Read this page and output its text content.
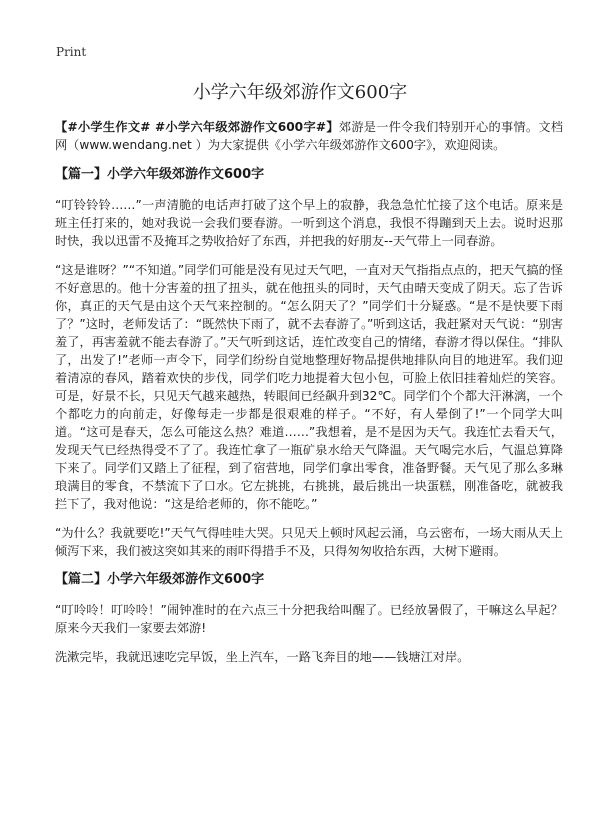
Print
小学六年级郊游作文600字

【#小学生作文# #小学六年级郊游作文600字#】郊游是一件令我们特别开心的事情。文档网（www.wendang.net ）为大家提供《小学六年级郊游作文600字》，欢迎阅读。

【篇一】小学六年级郊游作文600字

“叮铃铃铃……”一声清脆的电话声打破了这个早上的寂静，我急急忙忙接了这个电话。原来是班主任打来的，她对我说一会我们要春游。一听到这个消息，我恨不得蹦到天上去。说时迟那时快，我以迅雷不及掩耳之势收拾好了东西，并把我的好朋友--天气带上一同春游。

“这是谁呀？”“不知道。”同学们可能是没有见过天气吧，一直对天气指指点点的，把天气搞的怪不好意思的。他十分害羞的扭了扭头，就在他扭头的同时，天气由晴天变成了阴天。忘了告诉你，真正的天气是由这个天气来控制的。“怎么阴天了？”同学们十分疑惑。“是不是快要下雨了？”这时，老师发话了：“既然快下雨了，就不去春游了。”听到这话，我赶紧对天气说：“别害羞了，再害羞就不能去春游了。”天气听到这话，连忙改变自己的情绪，春游才得以保住。“排队了，出发了!”老师一声令下，同学们纷纷自觉地整理好物品提供地排队向目的地进军。我们迎着清凉的春风，踏着欢快的步伐，同学们吃力地提着大包小包，可脸上依旧挂着灿烂的笑容。可是，好景不长，只见天气越来越热，转眼间已经飙升到32℃。同学们个个都大汗淋漓，一个个都吃力的向前走，好像每走一步都是很艰难的样子。“不好，有人晕倒了!”一个同学大叫道。“这可是春天，怎么可能这么热？难道……”我想着，是不是因为天气。我连忙去看天气，发现天气已经热得受不了了。我连忙拿了一瓶矿泉水给天气降温。天气喝完水后，气温总算降下来了。同学们又踏上了征程，到了宿营地，同学们拿出零食，准备野餐。天气见了那么多琳琅满目的零食，不禁流下了口水。它左挑挑，右挑挑，最后挑出一块蛋糕，刚准备吃，就被我拦下了，我对他说：“这是给老师的，你不能吃。”

“为什么？我就要吃!”天气气得哇哇大哭。只见天上顿时风起云涌，乌云密布，一场大雨从天上倾泻下来，我们被这突如其来的雨吓得措手不及，只得匆匆收拾东西，大树下避雨。

【篇二】小学六年级郊游作文600字

“叮呤呤！叮呤呤！”闹钟准时的在六点三十分把我给叫醒了。已经放暑假了，干嘛这么早起？原来今天我们一家要去郊游!

洗漱完毕，我就迅速吃完早饭，坐上汽车，一路飞奔目的地——钱塘江对岸。
